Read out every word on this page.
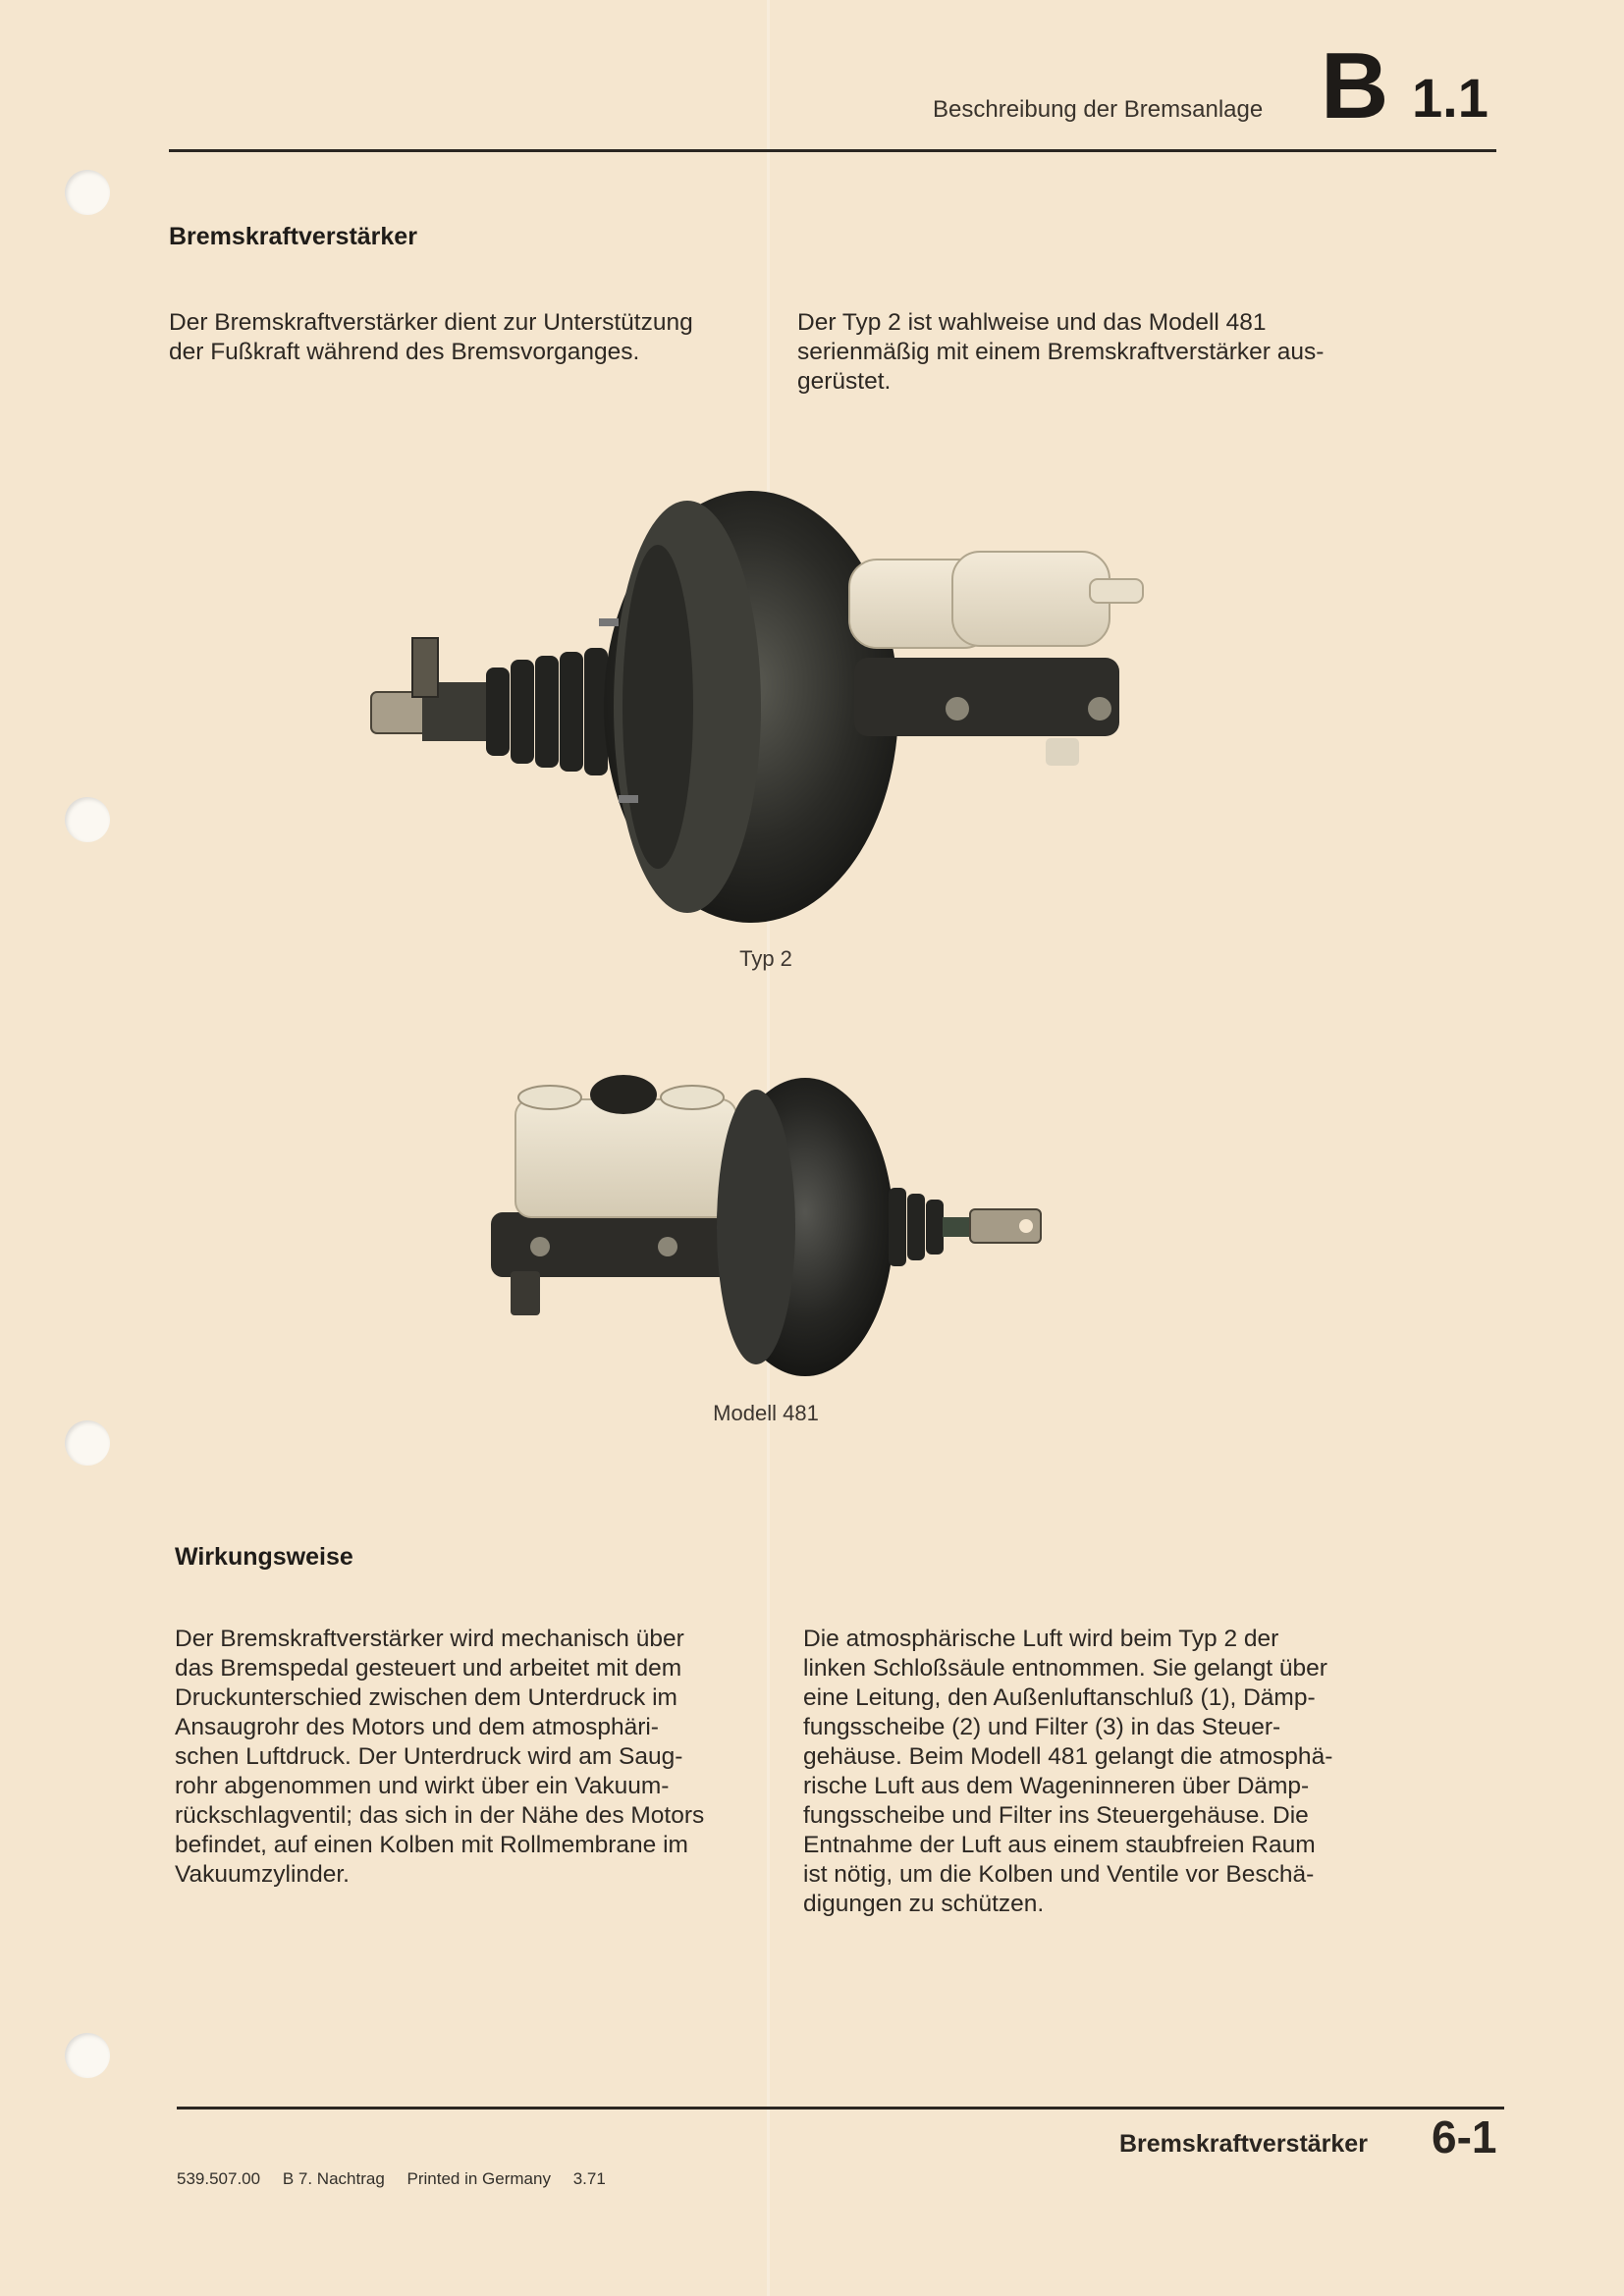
Beschreibung der Bremsanlage B 1.1
Bremskraftverstärker
Der Bremskraftverstärker dient zur Unterstützung
der Fußkraft während des Bremsvorganges.
Der Typ 2 ist wahlweise und das Modell 481
serienmäßig mit einem Bremskraftverstärker aus-
gerüstet.
Typ 2
Modell 481
Wirkungsweise
Der Bremskraftverstärker wird mechanisch über
das Bremspedal gesteuert und arbeitet mit dem
Druckunterschied zwischen dem Unterdruck im
Ansaugrohr des Motors und dem atmosphäri-
schen Luftdruck. Der Unterdruck wird am Saug-
rohr abgenommen und wirkt über ein Vakuum-
rückschlagventil; das sich in der Nähe des Motors
befindet, auf einen Kolben mit Rollmembrane im
Vakuumzylinder.
Die atmosphärische Luft wird beim Typ 2 der
linken Schloßsäule entnommen. Sie gelangt über
eine Leitung, den Außenluftanschluß (1), Dämp-
fungsscheibe (2) und Filter (3) in das Steuer-
gehäuse. Beim Modell 481 gelangt die atmosphä-
rische Luft aus dem Wageninneren über Dämp-
fungsscheibe und Filter ins Steuergehäuse. Die
Entnahme der Luft aus einem staubfreien Raum
ist nötig, um die Kolben und Ventile vor Beschä-
digungen zu schützen.
Bremskraftverstärker 6-1
539.507.00 B 7. Nachtrag Printed in Germany 3.71
